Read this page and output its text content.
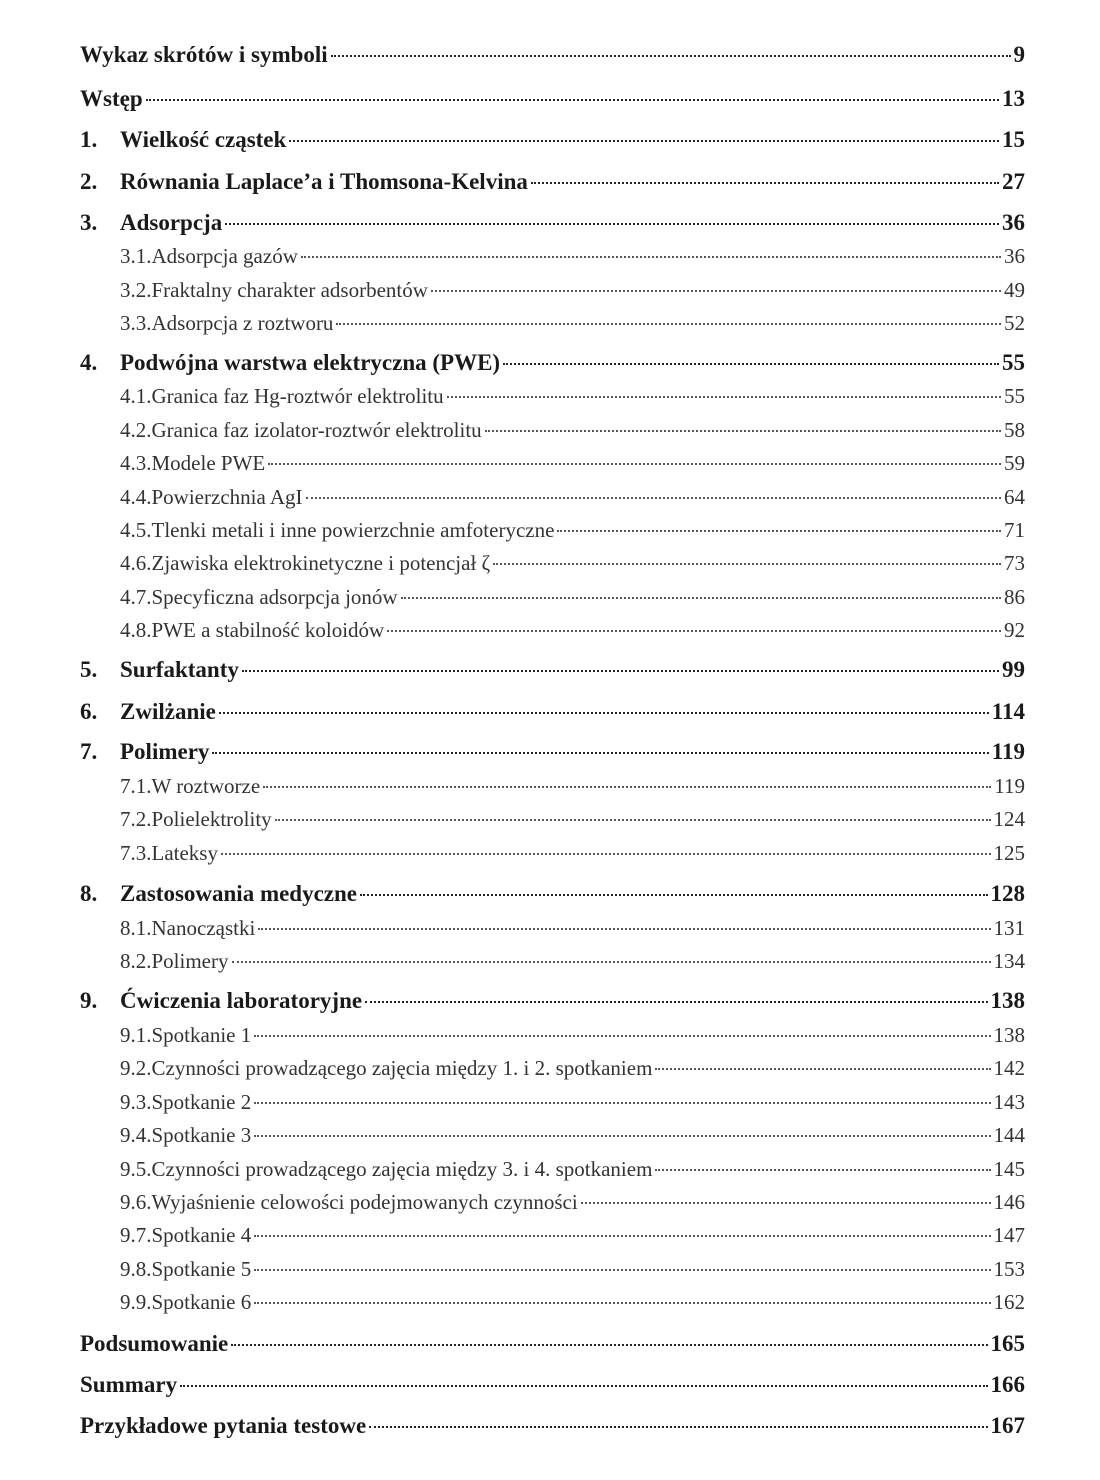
Wykaz skrótów i symboli	9
Wstęp	13
1. Wielkość cząstek	15
2. Równania Laplace’a i Thomsona-Kelvina	27
3. Adsorpcja	36
3.1. Adsorpcja gazów	36
3.2. Fraktalny charakter adsorbentów	49
3.3. Adsorpcja z roztworu	52
4. Podwójna warstwa elektryczna (PWE)	55
4.1. Granica faz Hg-roztwór elektrolitu	55
4.2. Granica faz izolator-roztwór elektrolitu	58
4.3. Modele PWE	59
4.4. Powierzchnia AgI	64
4.5. Tlenki metali i inne powierzchnie amfoteryczne	71
4.6. Zjawiska elektrokinetyczne i potencjał ζ	73
4.7. Specyficzna adsorpcja jonów	86
4.8. PWE a stabilność koloidów	92
5. Surfaktanty	99
6. Zwilżanie	114
7. Polimery	119
7.1. W roztworze	119
7.2. Polielektrolity	124
7.3. Lateksy	125
8. Zastosowania medyczne	128
8.1. Nanocząstki	131
8.2. Polimery	134
9. Ćwiczenia laboratoryjne	138
9.1. Spotkanie 1	138
9.2. Czynności prowadzącego zajęcia między 1. i 2. spotkaniem	142
9.3. Spotkanie 2	143
9.4. Spotkanie 3	144
9.5. Czynności prowadzącego zajęcia między 3. i 4. spotkaniem	145
9.6. Wyjaśnienie celowości podejmowanych czynności	146
9.7. Spotkanie 4	147
9.8. Spotkanie 5	153
9.9. Spotkanie 6	162
Podsumowanie	165
Summary	166
Przykładowe pytania testowe	167
